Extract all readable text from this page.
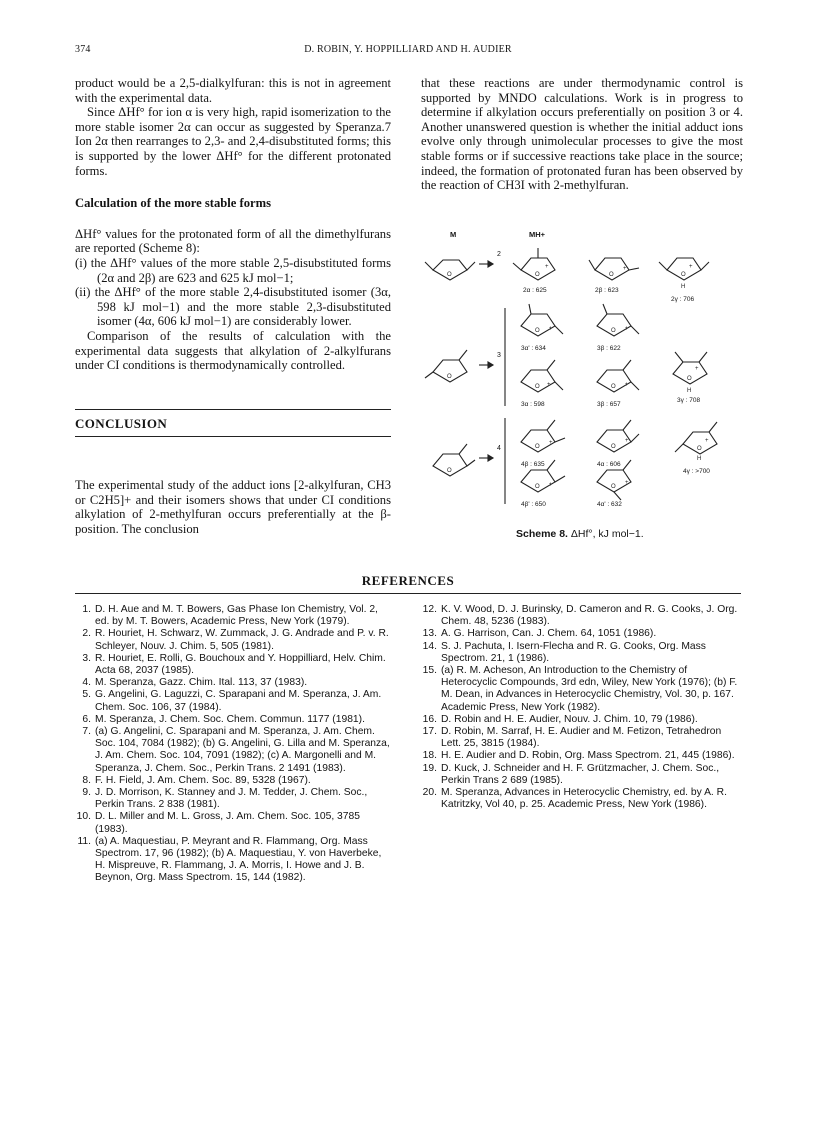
374	D. ROBIN, Y. HOPPILLIARD AND H. AUDIER

product would be a 2,5-dialkylfuran: this is not in agreement with the experimental data.

Since ΔHf° for ion α is very high, rapid isomerization to the more stable isomer 2α can occur as suggested by Speranza.7 Ion 2α then rearranges to 2,3- and 2,4-disubstituted forms; this is supported by the lower ΔHf° for the different protonated forms.

Calculation of the more stable forms

ΔHf° values for the protonated form of all the dimethylfurans are reported (Scheme 8):

(i) the ΔHf° values of the more stable 2,5-disubstituted forms (2α and 2β) are 623 and 625 kJ mol−1;

(ii) the ΔHf° of the more stable 2,4-disubstituted isomer (3α, 598 kJ mol−1) and the more stable 2,3-disubstituted isomer (4α, 606 kJ mol−1) are considerably lower.

Comparison of the results of calculation with the experimental data suggests that alkylation of 2-alkylfurans under CI conditions is thermodynamically controlled.

CONCLUSION

The experimental study of the adduct ions [2-alkylfuran, CH3 or C2H5]+ and their isomers shows that under CI conditions alkylation of 2-methylfuran occurs preferentially at the β-position. The conclusion

that these reactions are under thermodynamic control is supported by MNDO calculations. Work is in progress to determine if alkylation occurs preferentially on position 3 or 4. Another unanswered question is whether the initial adduct ions evolve only through unimolecular processes to give the most stable forms or if successive reactions take place in the source; indeed, the formation of protonated furan has been observed by the reaction of CH3I with 2-methylfuran.

O	O	O	O
O
O	O
O
O	O
O
O	O	O
O	O
+	+	+
+	+
+
+	+
+	+	+
+	+
H
H
H
M	MH+
2
3
4
2α : 625	2β : 623
2γ : 706
3α' : 634	3β : 622
3γ : 708
3α : 598	3β : 657
4β : 635	4α : 606
4γ : >700
4β' : 650	4α' : 632
Scheme 8. ΔHf°, kJ mol−1.
REFERENCES
1. D. H. Aue and M. T. Bowers, Gas Phase Ion Chemistry, Vol. 2, ed. by M. T. Bowers, Academic Press, New York (1979).
2. R. Houriet, H. Schwarz, W. Zummack, J. G. Andrade and P. v. R. Schleyer, Nouv. J. Chim. 5, 505 (1981).
3. R. Houriet, E. Rolli, G. Bouchoux and Y. Hoppilliard, Helv. Chim. Acta 68, 2037 (1985).
4. M. Speranza, Gazz. Chim. Ital. 113, 37 (1983).
5. G. Angelini, G. Laguzzi, C. Sparapani and M. Speranza, J. Am. Chem. Soc. 106, 37 (1984).
6. M. Speranza, J. Chem. Soc. Chem. Commun. 1177 (1981).
7. (a) G. Angelini, C. Sparapani and M. Speranza, J. Am. Chem. Soc. 104, 7084 (1982); (b) G. Angelini, G. Lilla and M. Speranza, J. Am. Chem. Soc. 104, 7091 (1982); (c) A. Margonelli and M. Speranza, J. Chem. Soc., Perkin Trans. 2 1491 (1983).
8. F. H. Field, J. Am. Chem. Soc. 89, 5328 (1967).
9. J. D. Morrison, K. Stanney and J. M. Tedder, J. Chem. Soc., Perkin Trans. 2 838 (1981).
10. D. L. Miller and M. L. Gross, J. Am. Chem. Soc. 105, 3785 (1983).
11. (a) A. Maquestiau, P. Meyrant and R. Flammang, Org. Mass Spectrom. 17, 96 (1982); (b) A. Maquestiau, Y. von Haverbeke, H. Mispreuve, R. Flammang, J. A. Morris, I. Howe and J. B. Beynon, Org. Mass Spectrom. 15, 144 (1982).
12. K. V. Wood, D. J. Burinsky, D. Cameron and R. G. Cooks, J. Org. Chem. 48, 5236 (1983).
13. A. G. Harrison, Can. J. Chem. 64, 1051 (1986).
14. S. J. Pachuta, I. Isern-Flecha and R. G. Cooks, Org. Mass Spectrom. 21, 1 (1986).
15. (a) R. M. Acheson, An Introduction to the Chemistry of Heterocyclic Compounds, 3rd edn, Wiley, New York (1976); (b) F. M. Dean, in Advances in Heterocyclic Chemistry, Vol. 30, p. 167. Academic Press, New York (1982).
16. D. Robin and H. E. Audier, Nouv. J. Chim. 10, 79 (1986).
17. D. Robin, M. Sarraf, H. E. Audier and M. Fetizon, Tetrahedron Lett. 25, 3815 (1984).
18. H. E. Audier and D. Robin, Org. Mass Spectrom. 21, 445 (1986).
19. D. Kuck, J. Schneider and H. F. Grützmacher, J. Chem. Soc., Perkin Trans 2 689 (1985).
20. M. Speranza, Advances in Heterocyclic Chemistry, ed. by A. R. Katritzky, Vol 40, p. 25. Academic Press, New York (1986).
